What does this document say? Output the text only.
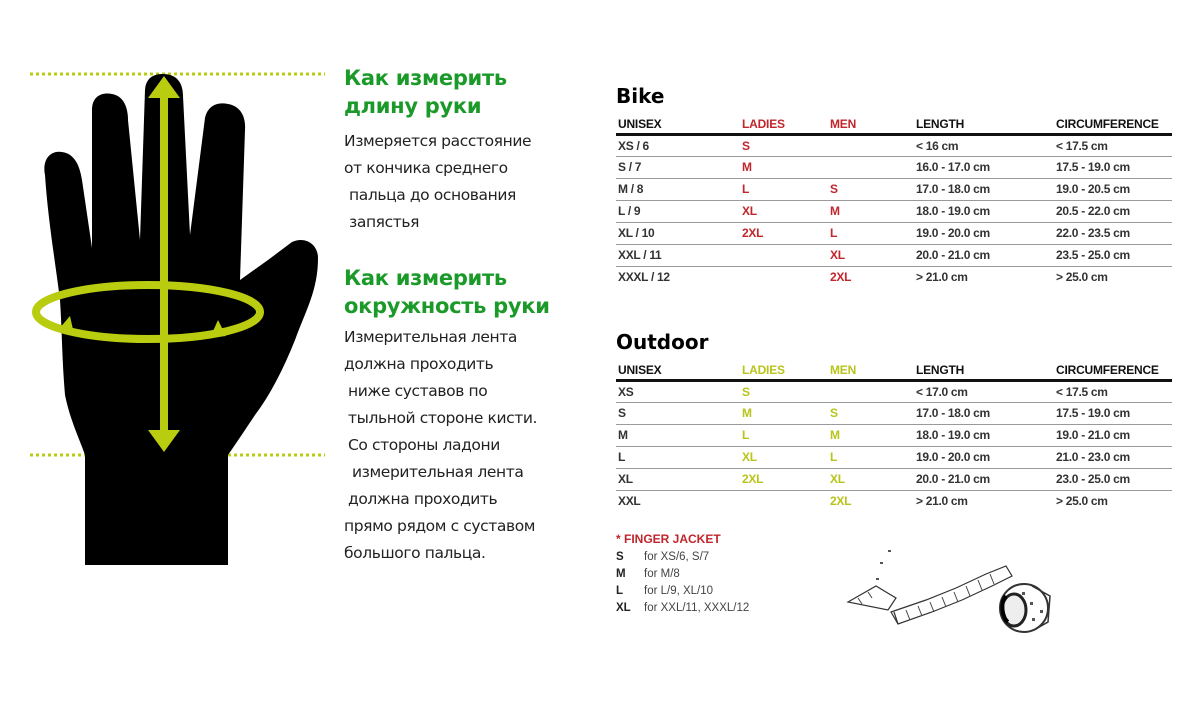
Как измерить
длину руки
Измеряется расстояние
от кончика среднего
пальца до основания
запястья
Как измерить
окружность руки
Измерительная лента
должна проходить
ниже суставов по
тыльной стороне кисти.
Со стороны ладони
измерительная лента
должна проходить
прямо рядом с суставом
большого пальца.
Bike
UNISEX	LADIES	MEN	LENGTH	CIRCUMFERENCE
XS / 6	S		< 16 cm	< 17.5 cm
S / 7	M		16.0 - 17.0 cm	17.5 - 19.0 cm
M / 8	L	S	17.0 - 18.0 cm	19.0 - 20.5 cm
L / 9	XL	M	18.0 - 19.0 cm	20.5 - 22.0 cm
XL / 10	2XL	L	19.0 - 20.0 cm	22.0 - 23.5 cm
XXL / 11		XL	20.0 - 21.0 cm	23.5 - 25.0 cm
XXXL / 12		2XL	> 21.0 cm	> 25.0 cm
Outdoor
UNISEX	LADIES	MEN	LENGTH	CIRCUMFERENCE
XS	S		< 17.0 cm	< 17.5 cm
S	M	S	17.0 - 18.0 cm	17.5 - 19.0 cm
M	L	M	18.0 - 19.0 cm	19.0 - 21.0 cm
L	XL	L	19.0 - 20.0 cm	21.0 - 23.0 cm
XL	2XL	XL	20.0 - 21.0 cm	23.0 - 25.0 cm
XXL		2XL	> 21.0 cm	> 25.0 cm
* FINGER JACKET
S for XS/6, S/7
M for M/8
L for L/9, XL/10
XL for XXL/11, XXXL/12
